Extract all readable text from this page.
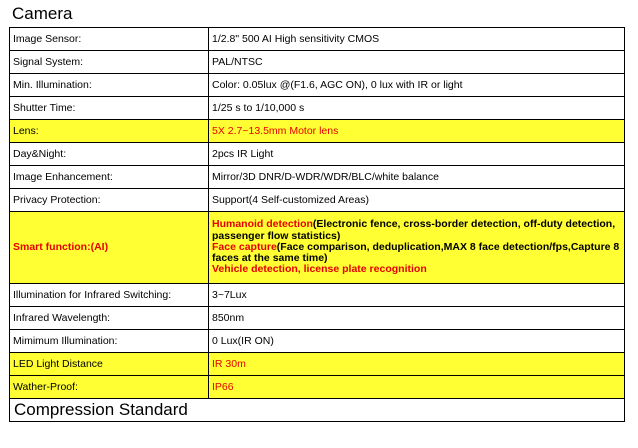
Camera
Image Sensor:	1/2.8" 500 AI High sensitivity CMOS
Signal System:	PAL/NTSC
Min. Illumination:	Color: 0.05lux @(F1.6, AGC ON), 0 lux with IR or light
Shutter Time:	1/25 s to 1/10,000 s
Lens:	5X 2.7~13.5mm Motor lens
Day&Night:	2pcs IR Light
Image Enhancement:	Mirror/3D DNR/D-WDR/WDR/BLC/white balance
Privacy Protection:	Support(4 Self-customized Areas)
Smart function:(AI)	Humanoid detection(Electronic fence, cross-border detection, off-duty detection, passenger flow statistics)
Face capture(Face comparison, deduplication,MAX 8 face detection/fps,Capture 8 faces at the same time)
Vehicle detection, license plate recognition
Illumination for Infrared Switching:	3~7Lux
Infrared Wavelength:	850nm
Mimimum Illumination:	0 Lux(IR ON)
LED Light Distance	IR 30m
Wather-Proof:	IP66
Compression Standard	
